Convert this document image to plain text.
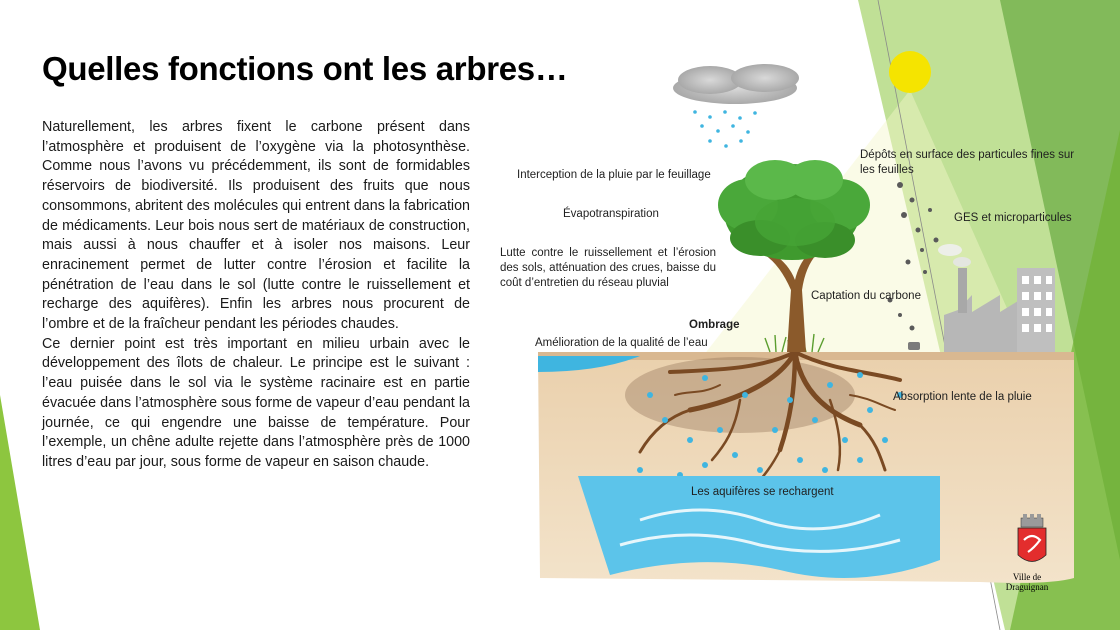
Quelles fonctions ont les arbres…

Naturellement, les arbres fixent le carbone présent dans l’atmosphère et produisent de l’oxygène via la photosynthèse. Comme nous l’avons vu précédemment, ils sont de formidables réservoirs de biodiversité. Ils produisent des fruits que nous consommons, abritent des molécules qui entrent dans la fabrication de médicaments. Leur bois nous sert de matériaux de construction, mais aussi à nous chauffer et à isoler nos maisons. Leur enracinement permet de lutter contre l’érosion et facilite la pénétration de l’eau dans le sol (lutte contre le ruissellement et recharge des aquifères). Enfin les arbres nous procurent de l’ombre et de la fraîcheur pendant les périodes chaudes.

Ce dernier point est très important en milieu urbain avec le développement des îlots de chaleur. Le principe est le suivant : l’eau puisée dans le sol via le système racinaire est en partie évacuée dans l’atmosphère sous forme de vapeur d’eau pendant la journée, ce qui engendre une baisse de température. Pour l’exemple, un chêne adulte rejette dans l’atmosphère près de 1000 litres d’eau par jour, sous forme de vapeur en saison chaude.

Interception de la pluie par le feuillage
Évapotranspiration
Lutte contre le ruissellement et l’érosion des sols, atténuation des crues, baisse du coût d’entretien du réseau pluvial
Ombrage
Amélioration de la qualité de l’eau
Dépôts en surface des particules fines sur les feuilles
GES et microparticules
Captation du carbone
Absorption lente de la pluie
Les aquifères se rechargent
Ville de Draguignan
